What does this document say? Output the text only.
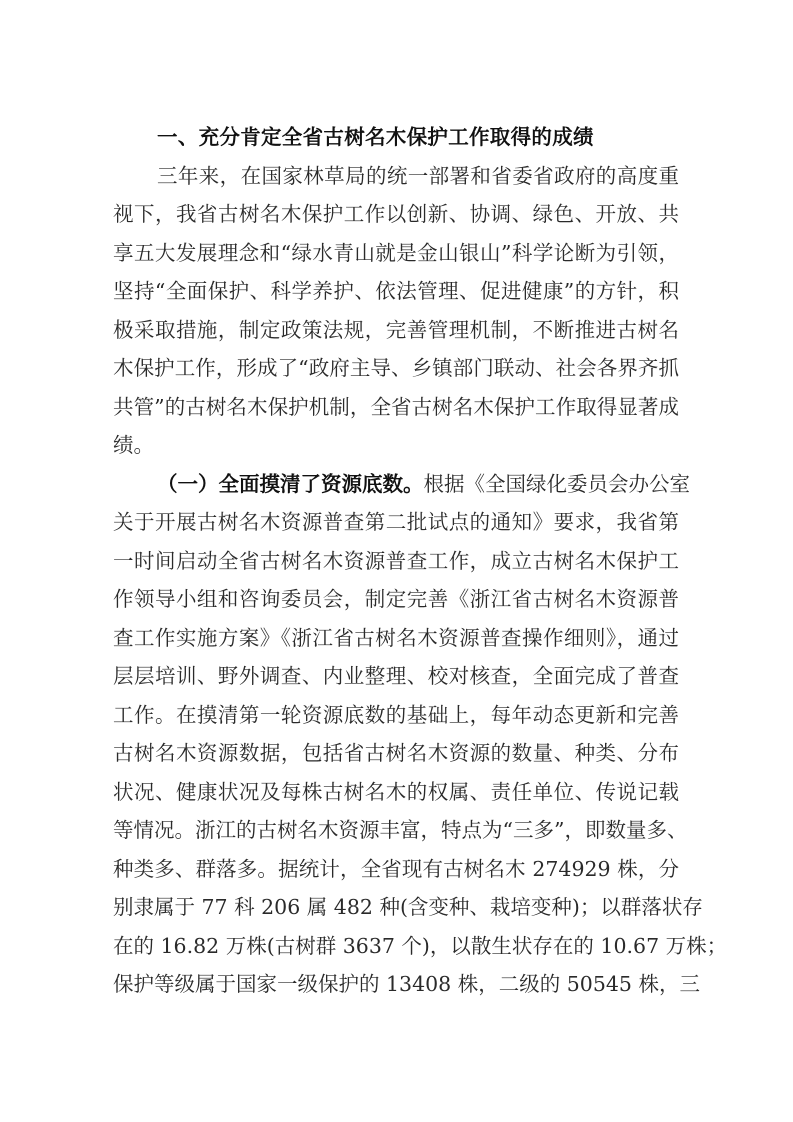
一、充分肯定全省古树名木保护工作取得的成绩
三年来，在国家林草局的统一部署和省委省政府的高度重
视下，我省古树名木保护工作以创新、协调、绿色、开放、共
享五大发展理念和“绿水青山就是金山银山”科学论断为引领，
坚持“全面保护、科学养护、依法管理、促进健康”的方针，积
极采取措施，制定政策法规，完善管理机制，不断推进古树名
木保护工作，形成了“政府主导、乡镇部门联动、社会各界齐抓
共管”的古树名木保护机制，全省古树名木保护工作取得显著成
绩。
（一）全面摸清了资源底数。根据《全国绿化委员会办公室
关于开展古树名木资源普查第二批试点的通知》要求，我省第
一时间启动全省古树名木资源普查工作，成立古树名木保护工
作领导小组和咨询委员会，制定完善《浙江省古树名木资源普
查工作实施方案》《浙江省古树名木资源普查操作细则》，通过
层层培训、野外调查、内业整理、校对核查，全面完成了普查
工作。在摸清第一轮资源底数的基础上，每年动态更新和完善
古树名木资源数据，包括省古树名木资源的数量、种类、分布
状况、健康状况及每株古树名木的权属、责任单位、传说记载
等情况。浙江的古树名木资源丰富，特点为“三多”，即数量多、
种类多、群落多。据统计，全省现有古树名木 274929 株，分
别隶属于 77 科 206 属 482 种(含变种、栽培变种)；以群落状存
在的 16.82 万株(古树群 3637 个)，以散生状存在的 10.67 万株；
保护等级属于国家一级保护的 13408 株，二级的 50545 株，三
